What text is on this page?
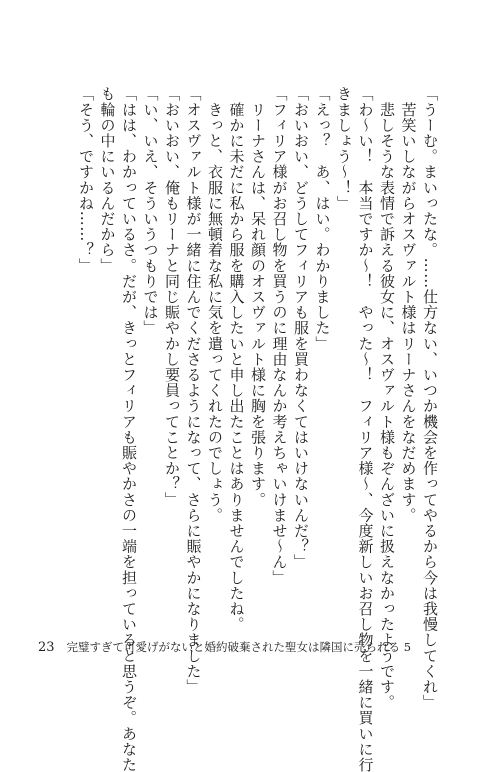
「うーむ。まいったな。……仕方ない、いつか機会を作ってやるから今は我慢してくれ」
　苦笑いしながらオスヴァルト様はリーナさんをなだめます。
　悲しそうな表情で訴える彼女に、オスヴァルト様もぞんざいに扱えなかったようです。
「わ～い！　本当ですか～！　やった～！　フィリア様～、今度新しいお召し物を一緒に買いに行
きましょう～！」
「えっ？　あ、はい。わかりました」
「おいおい、どうしてフィリアも服を買わなくてはいけないんだ？」
「フィリア様がお召し物を買うのに理由なんか考えちゃいけませ～ん」
　リーナさんは、呆れ顔のオスヴァルト様に胸を張ります。
　確かに未だに私から服を購入したいと申し出たことはありませんでしたね。
　きっと、衣服に無頓着な私に気を遣ってくれたのでしょう。
「オスヴァルト様が一緒に住んでくださるようになって、さらに賑やかになりました」
「おいおい、俺もリーナと同じ賑やかし要員ってことか？」
「い、いえ、そういうつもりでは」
「はは、わかっているさ。だが、きっとフィリアも賑やかさの一端を担っていると思うぞ。あなた
も輪の中にいるんだから」
「そう、ですかね……？」
23 完璧すぎて可愛げがないと婚約破棄された聖女は隣国に売られる 5
